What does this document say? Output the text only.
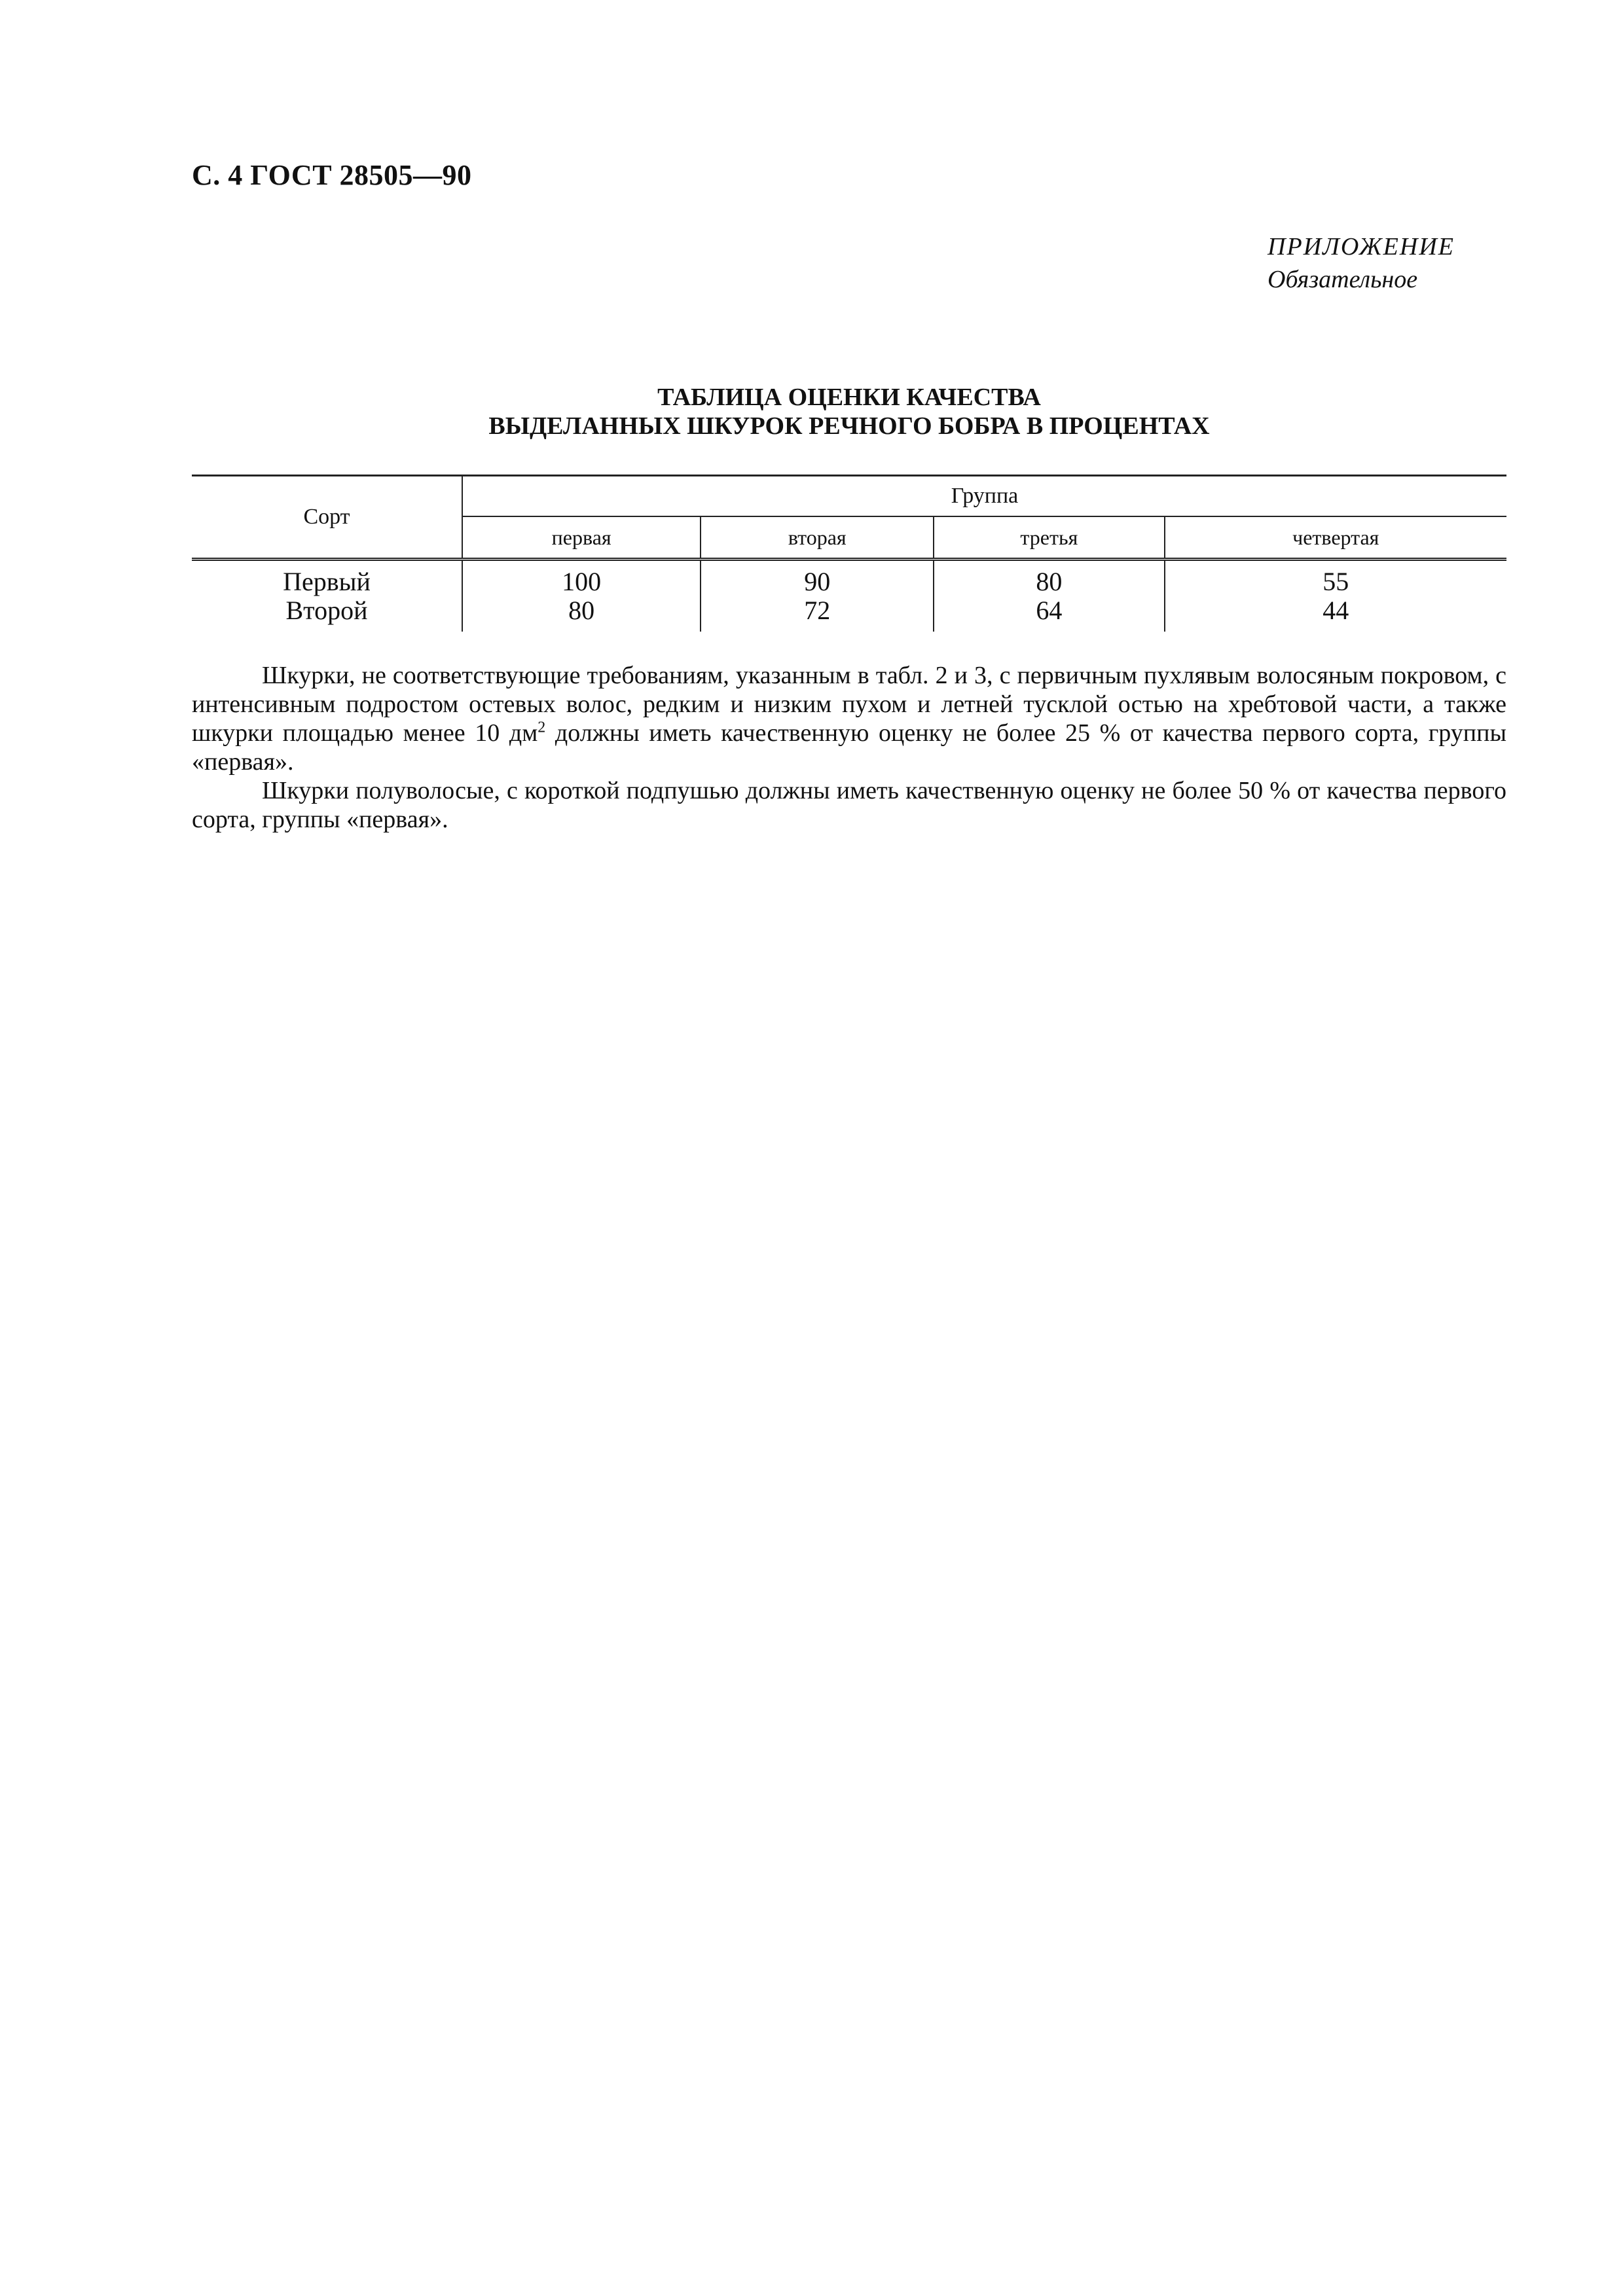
С. 4 ГОСТ 28505—90
ПРИЛОЖЕНИЕ
Обязательное
ТАБЛИЦА ОЦЕНКИ КАЧЕСТВА
ВЫДЕЛАННЫХ ШКУРОК РЕЧНОГО БОБРА В ПРОЦЕНТАХ
Сорт	Группа			
	первая	вторая	третья	четвертая
Первый	100	90	80	55
Второй	80	72	64	44

Шкурки, не соответствующие требованиям, указанным в табл. 2 и 3, с первичным пухлявым волосяным покровом, с интенсивным подростом остевых волос, редким и низким пухом и летней тусклой остью на хребтовой части, а также шкурки площадью менее 10 $дм^2$ должны иметь качественную оценку не более 25 % от качества первого сорта, группы «первая».

Шкурки полуволосые, с короткой подпушью должны иметь качественную оценку не более 50 % от качества первого сорта, группы «первая».
